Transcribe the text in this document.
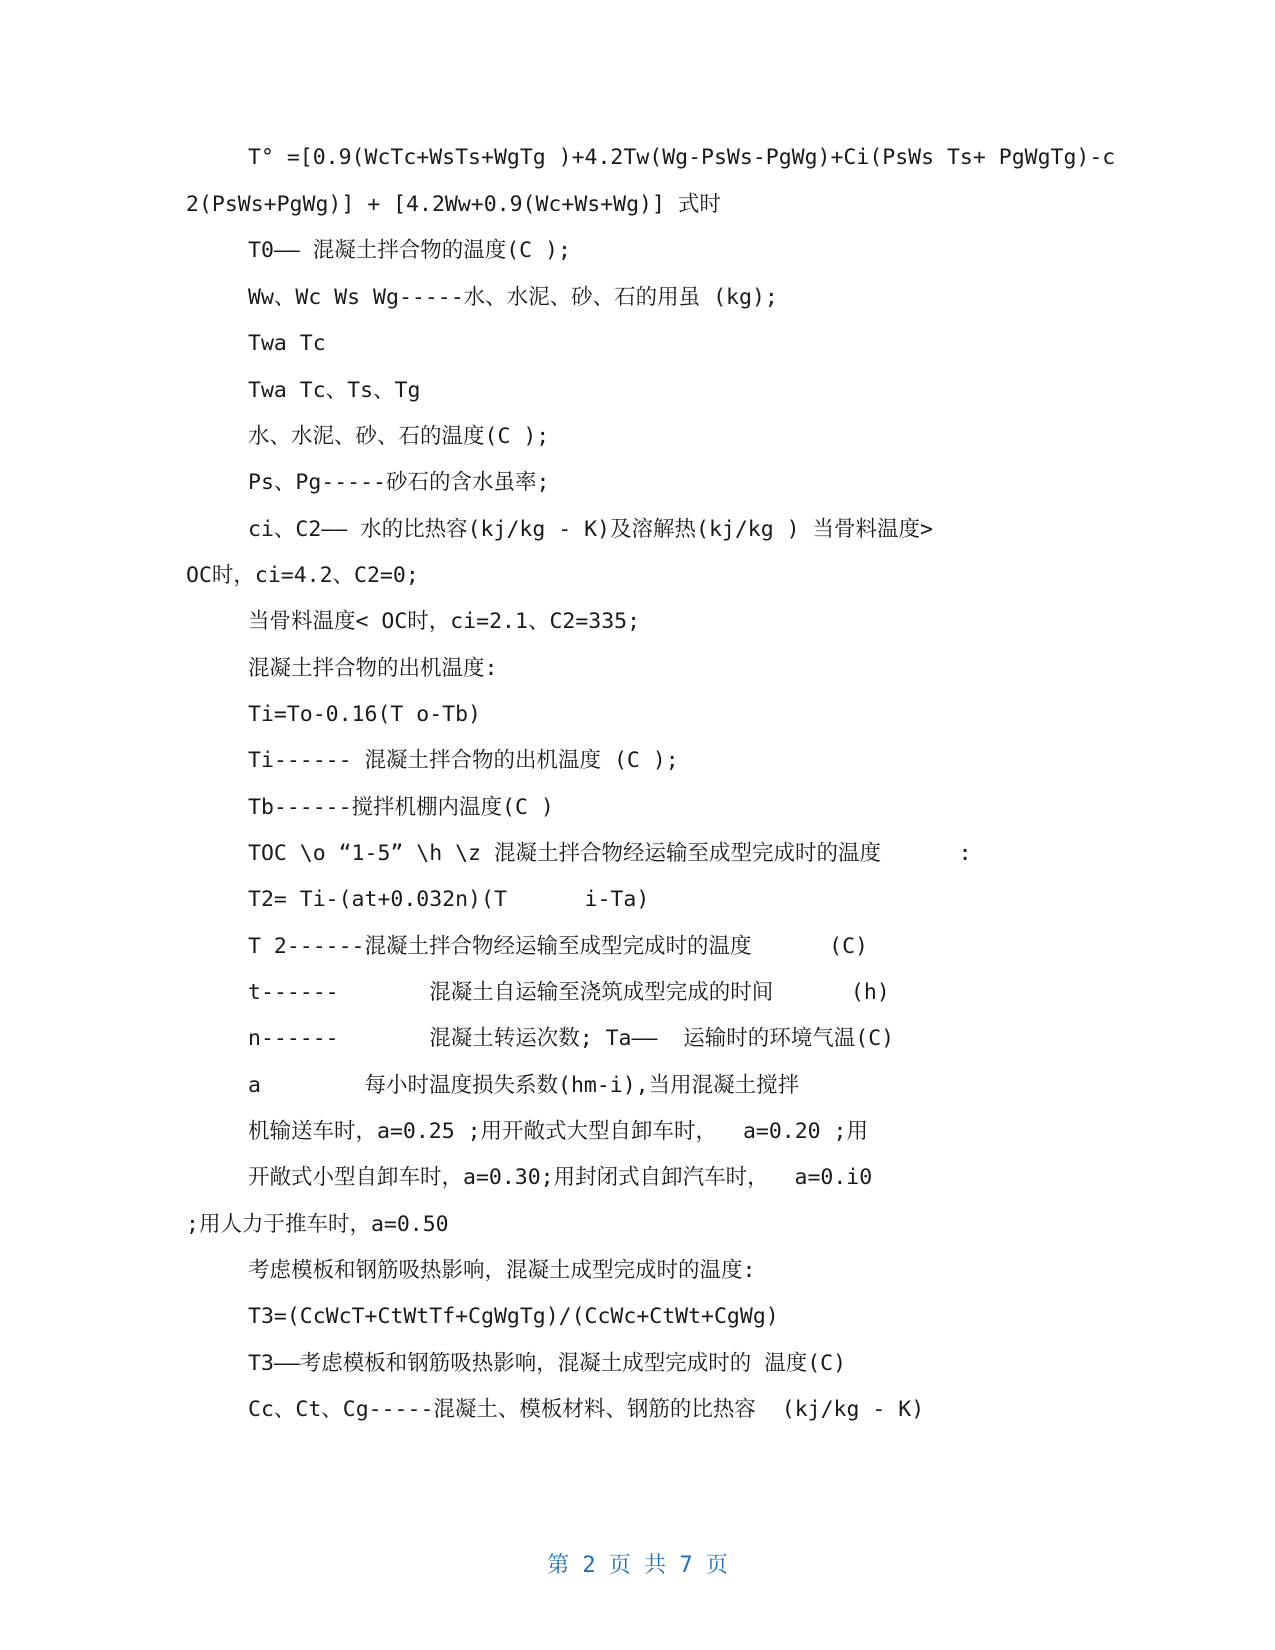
T° =[0.9(WcTc+WsTs+WgTg )+4.2Tw(Wg-PsWs-PgWg)+Ci(PsWs Ts+ PgWgTg)-c
2(PsWs+PgWg)] + [4.2Ww+0.9(Wc+Ws+Wg)] 式时
T0—— 混凝土拌合物的温度(C );
Ww、Wc Ws Wg-----水、水泥、砂、石的用虽 (kg);
Twa Tc
Twa Tc、Ts、Tg
水、水泥、砂、石的温度(C );
Ps、Pg-----砂石的含水虽率;
ci、C2—— 水的比热容(kj/kg - K)及溶解热(kj/kg ) 当骨料温度>
OC时，ci=4.2、C2=0;
当骨料温度< OC时，ci=2.1、C2=335;
混凝土拌合物的出机温度:
Ti=To-0.16(T o-Tb)
Ti------ 混凝土拌合物的出机温度 (C );
Tb------搅拌机棚内温度(C )
TOC \o “1-5” \h \z 混凝土拌合物经运输至成型完成时的温度      :
T2= Ti-(at+0.032n)(T      i-Ta)
T 2------混凝土拌合物经运输至成型完成时的温度      (C)
t------       混凝土自运输至浇筑成型完成的时间      (h)
n------       混凝土转运次数; Ta——  运输时的环境气温(C)
a        每小时温度损失系数(hm-i),当用混凝土搅拌
机输送车时，a=0.25 ;用开敞式大型自卸车时，  a=0.20 ;用
开敞式小型自卸车时，a=0.30;用封闭式自卸汽车时，  a=0.i0
;用人力于推车时，a=0.50
考虑模板和钢筋吸热影响，混凝土成型完成时的温度:
T3=(CcWcT+CtWtTf+CgWgTg)/(CcWc+CtWt+CgWg)
T3——考虑模板和钢筋吸热影响，混凝土成型完成时的 温度(C)
Cc、Ct、Cg-----混凝土、模板材料、钢筋的比热容  (kj/kg - K)
第 2 页 共 7 页
